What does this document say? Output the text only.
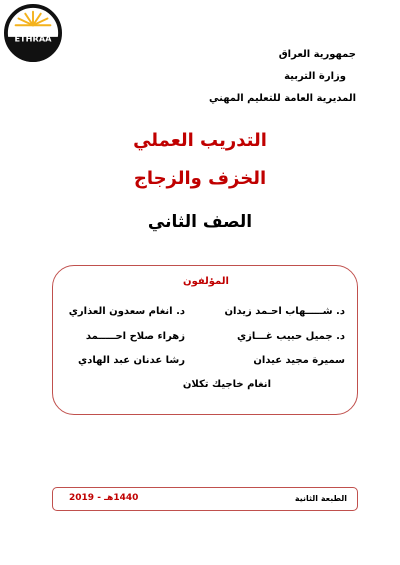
ETHRAA
جمهورية العراق
وزارة التربية
المديرية العامة للتعليم المهني
التدريب العملي
الخزف والزجاج
الصف الثاني
المؤلفون
د. شـــــهاب احـمد زيدان
د. انغام سعدون العذاري
د. جميل حبيب غـــازي
زهراء صلاح احـــــمد
سميرة مجيد عيدان
رشا عدنان عبد الهادي
انغام خاجيك تكلان
الطبعة الثانية
1440هـ - 2019
